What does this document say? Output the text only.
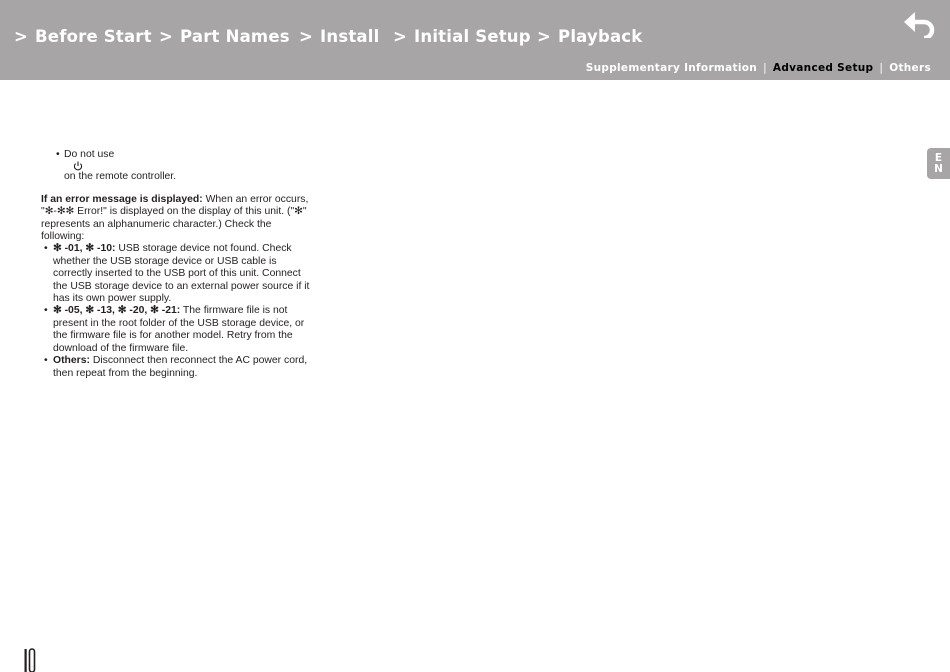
> Before Start > Part Names > Install > Initial Setup > Playback
Supplementary Information | Advanced Setup | Others
E
N
• Do not use
on the remote controller.

If an error message is displayed: When an error occurs, "✻-✻✻ Error!" is displayed on the display of this unit. ("✻" represents an alphanumeric character.) Check the following:

• ✻ -01, ✻ -10: USB storage device not found. Check whether the USB storage device or USB cable is correctly inserted to the USB port of this unit. Connect the USB storage device to an external power source if it has its own power supply.
• ✻ -05, ✻ -13, ✻ -20, ✻ -21: The firmware file is not present in the root folder of the USB storage device, or the firmware file is for another model. Retry from the download of the firmware file.
• Others: Disconnect then reconnect the AC power cord, then repeat from the beginning.
